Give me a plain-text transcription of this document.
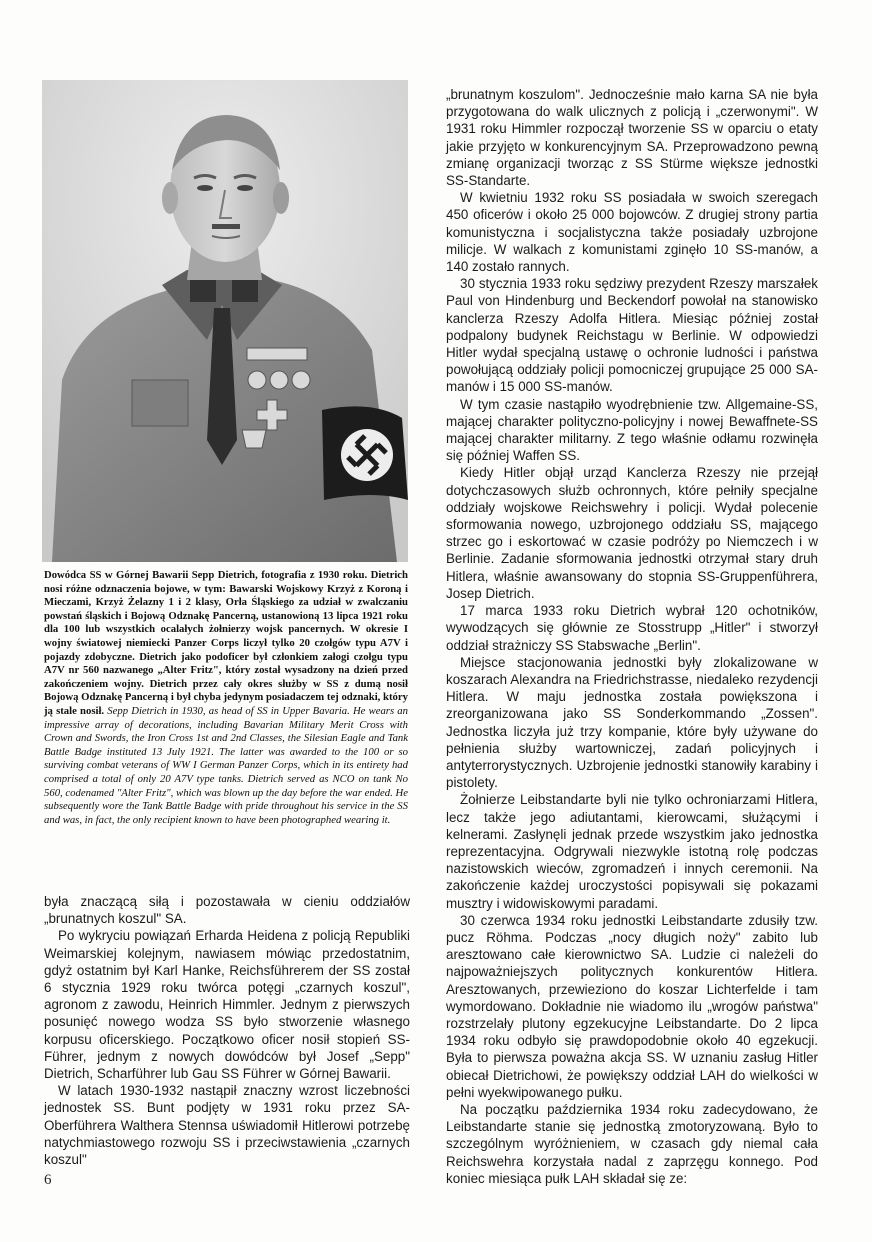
Dowódca SS w Górnej Bawarii Sepp Dietrich, fotografia z 1930 roku. Dietrich nosi różne odznaczenia bojowe, w tym: Bawarski Wojskowy Krzyż z Koroną i Mieczami, Krzyż Żelazny 1 i 2 klasy, Orła Śląskiego za udział w zwalczaniu powstań śląskich i Bojową Odznakę Pancerną, ustanowioną 13 lipca 1921 roku dla 100 lub wszystkich ocalałych żołnierzy wojsk pancernych. W okresie I wojny światowej niemiecki Panzer Corps liczył tylko 20 czołgów typu A7V i pojazdy zdobyczne. Dietrich jako podoficer był członkiem załogi czołgu typu A7V nr 560 nazwanego „Alter Fritz", który został wysadzony na dzień przed zakończeniem wojny. Dietrich przez cały okres służby w SS z dumą nosił Bojową Odznakę Pancerną i był chyba jedynym posiadaczem tej odznaki, który ją stale nosił. Sepp Dietrich in 1930, as head of SS in Upper Bavaria. He wears an impressive array of decorations, including Bavarian Military Merit Cross with Crown and Swords, the Iron Cross 1st and 2nd Classes, the Silesian Eagle and Tank Battle Badge instituted 13 July 1921. The latter was awarded to the 100 or so surviving combat veterans of WW I German Panzer Corps, which in its entirety had comprised a total of only 20 A7V type tanks. Dietrich served as NCO on tank No 560, codenamed "Alter Fritz", which was blown up the day before the war ended. He subsequently wore the Tank Battle Badge with pride throughout his service in the SS and was, in fact, the only recipient known to have been photographed wearing it.

była znaczącą siłą i pozostawała w cieniu oddziałów „brunatnych koszul" SA.

Po wykryciu powiązań Erharda Heidena z policją Republiki Weimarskiej kolejnym, nawiasem mówiąc przedostatnim, gdyż ostatnim był Karl Hanke, Reichsführerem der SS został 6 stycznia 1929 roku twórca potęgi „czarnych koszul", agronom z zawodu, Heinrich Himmler. Jednym z pierwszych posunięć nowego wodza SS było stworzenie własnego korpusu oficerskiego. Początkowo oficer nosił stopień SS-Führer, jednym z nowych dowódców był Josef „Sepp" Dietrich, Scharführer lub Gau SS Führer w Górnej Bawarii.

W latach 1930-1932 nastąpił znaczny wzrost liczebności jednostek SS. Bunt podjęty w 1931 roku przez SA-Oberführera Walthera Stennsa uświadomił Hitlerowi potrzebę natychmiastowego rozwoju SS i przeciwstawienia „czarnych koszul"

„brunatnym koszulom". Jednocześnie mało karna SA nie była przygotowana do walk ulicznych z policją i „czerwonymi". W 1931 roku Himmler rozpoczął tworzenie SS w oparciu o etaty jakie przyjęto w konkurencyjnym SA. Przeprowadzono pewną zmianę organizacji tworząc z SS Stürme większe jednostki SS-Standarte.

W kwietniu 1932 roku SS posiadała w swoich szeregach 450 oficerów i około 25 000 bojowców. Z drugiej strony partia komunistyczna i socjalistyczna także posiadały uzbrojone milicje. W walkach z komunistami zginęło 10 SS-manów, a 140 zostało rannych.

30 stycznia 1933 roku sędziwy prezydent Rzeszy marszałek Paul von Hindenburg und Beckendorf powołał na stanowisko kanclerza Rzeszy Adolfa Hitlera. Miesiąc później został podpalony budynek Reichstagu w Berlinie. W odpowiedzi Hitler wydał specjalną ustawę o ochronie ludności i państwa powołującą oddziały policji pomocniczej grupujące 25 000 SA-manów i 15 000 SS-manów.

W tym czasie nastąpiło wyodrębnienie tzw. Allgemaine-SS, mającej charakter polityczno-policyjny i nowej Bewaffnete-SS mającej charakter militarny. Z tego właśnie odłamu rozwinęła się później Waffen SS.

Kiedy Hitler objął urząd Kanclerza Rzeszy nie przejął dotychczasowych służb ochronnych, które pełniły specjalne oddziały wojskowe Reichswehry i policji. Wydał polecenie sformowania nowego, uzbrojonego oddziału SS, mającego strzec go i eskortować w czasie podróży po Niemczech i w Berlinie. Zadanie sformowania jednostki otrzymał stary druh Hitlera, właśnie awansowany do stopnia SS-Gruppenführera, Josep Dietrich.

17 marca 1933 roku Dietrich wybrał 120 ochotników, wywodzących się głównie ze Stosstrupp „Hitler" i stworzył oddział strażniczy SS Stabswache „Berlin".

Miejsce stacjonowania jednostki były zlokalizowane w koszarach Alexandra na Friedrichstrasse, niedaleko rezydencji Hitlera. W maju jednostka została powiększona i zreorganizowana jako SS Sonderkommando „Zossen". Jednostka liczyła już trzy kompanie, które były używane do pełnienia służby wartowniczej, zadań policyjnych i antyterrorystycznych. Uzbrojenie jednostki stanowiły karabiny i pistolety.

Żołnierze Leibstandarte byli nie tylko ochroniarzami Hitlera, lecz także jego adiutantami, kierowcami, służącymi i kelnerami. Zasłynęli jednak przede wszystkim jako jednostka reprezentacyjna. Odgrywali niezwykle istotną rolę podczas nazistowskich wieców, zgromadzeń i innych ceremonii. Na zakończenie każdej uroczystości popisywali się pokazami musztry i widowiskowymi paradami.

30 czerwca 1934 roku jednostki Leibstandarte zdusiły tzw. pucz Röhma. Podczas „nocy długich noży" zabito lub aresztowano całe kierownictwo SA. Ludzie ci należeli do najpoważniejszych politycznych konkurentów Hitlera. Aresztowanych, przewieziono do koszar Lichterfelde i tam wymordowano. Dokładnie nie wiadomo ilu „wrogów państwa" rozstrzelały plutony egzekucyjne Leibstandarte. Do 2 lipca 1934 roku odbyło się prawdopodobnie około 40 egzekucji. Była to pierwsza poważna akcja SS. W uznaniu zasług Hitler obiecał Dietrichowi, że powiększy oddział LAH do wielkości w pełni wyekwipowanego pułku.

Na początku października 1934 roku zadecydowano, że Leibstandarte stanie się jednostką zmotoryzowaną. Było to szczególnym wyróżnieniem, w czasach gdy niemal cała Reichswehra korzystała nadal z zaprzęgu konnego. Pod koniec miesiąca pułk LAH składał się ze:

6
